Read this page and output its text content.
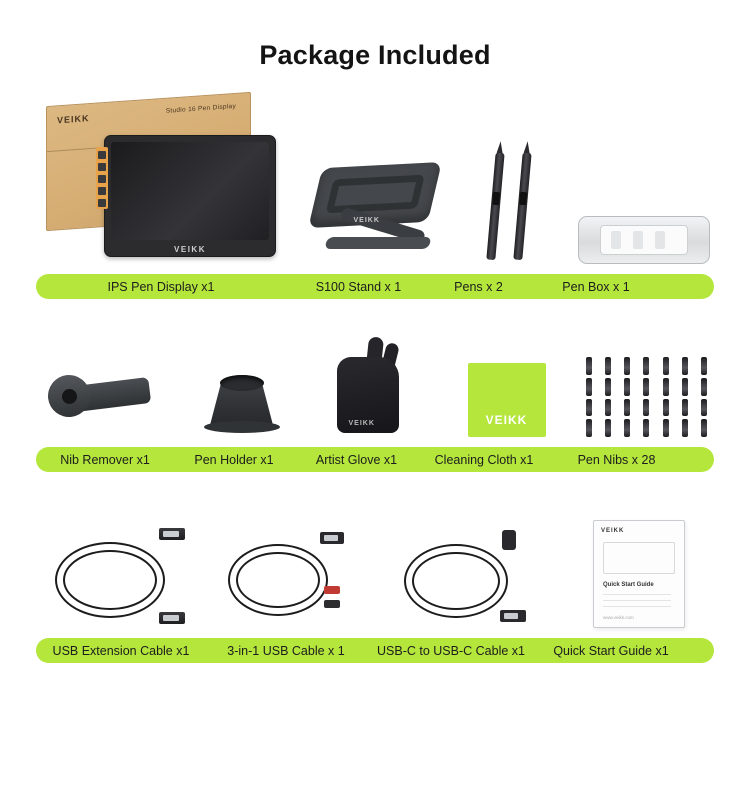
Package Included
VEIKK
Studio 16 Pen Display
VEIKK
VEIKK
IPS Pen Display x1	S100 Stand x 1	Pens x 2	Pen Box x 1
VEIKK	VEIKK
Nib Remover x1	Pen Holder x1	Artist Glove x1	Cleaning Cloth x1	Pen Nibs x 28
VEIKK
Quick Start Guide
www.veikk.com
USB Extension Cable x1	3-in-1 USB Cable x 1	USB-C to USB-C Cable x1	Quick Start Guide x1
